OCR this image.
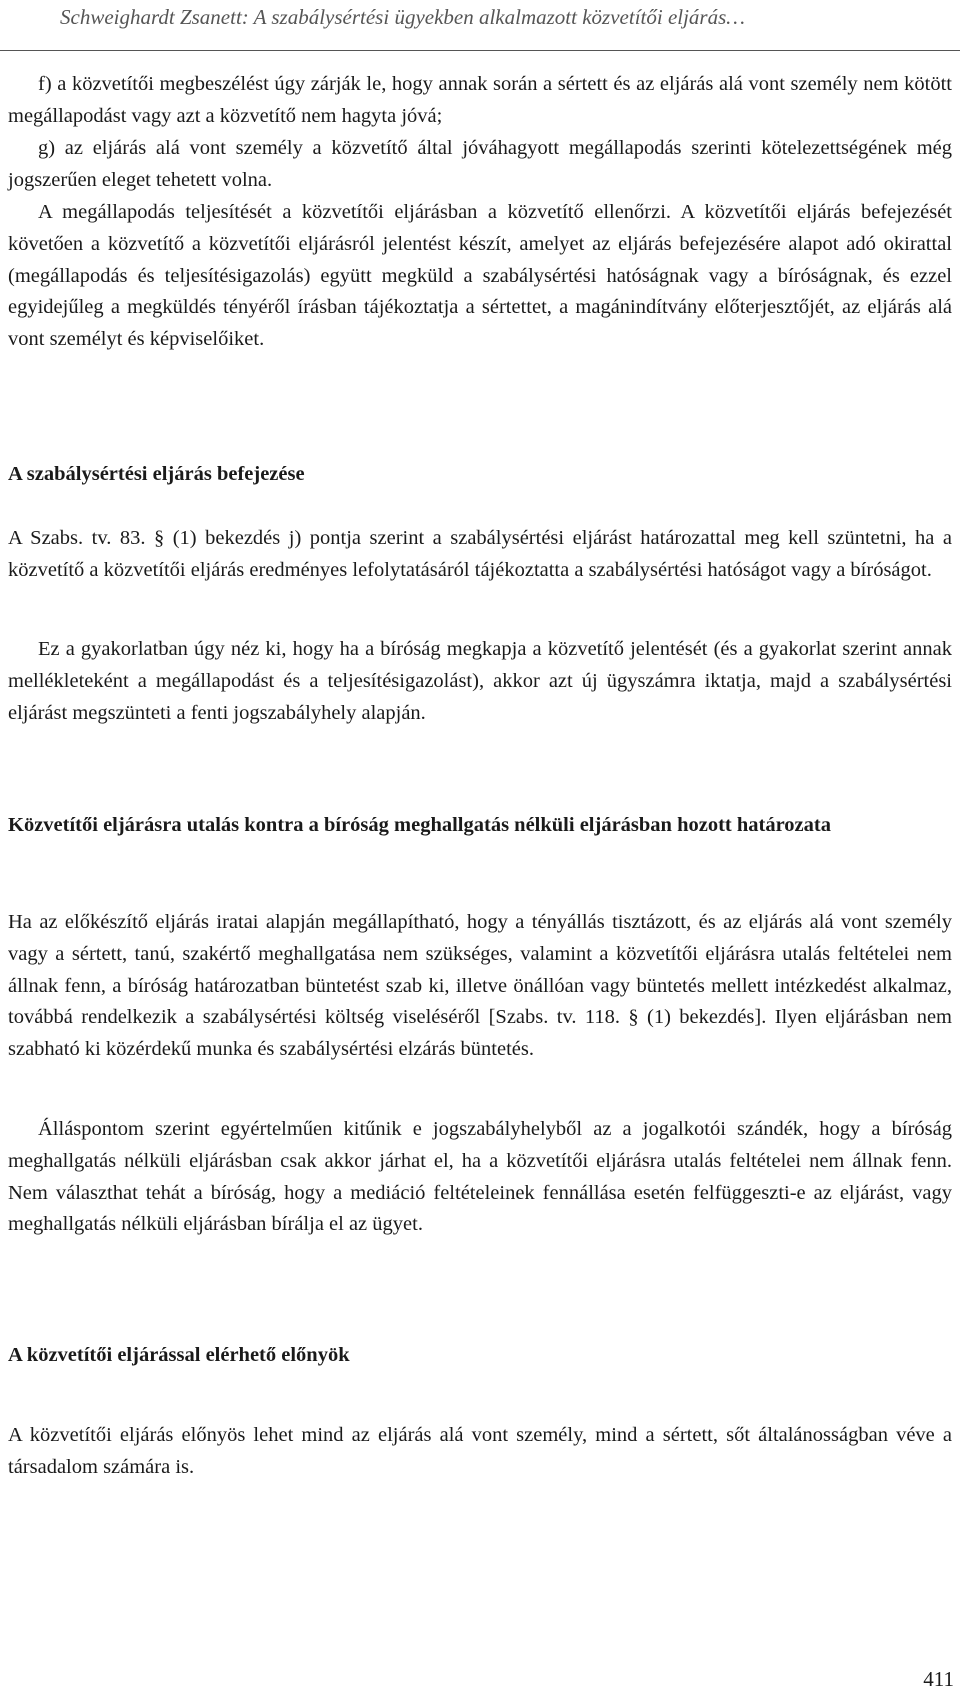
Schweighardt Zsanett: A szabálysértési ügyekben alkalmazott közvetítői eljárás…

f) a közvetítői megbeszélést úgy zárják le, hogy annak során a sértett és az eljárás alá vont személy nem kötött megállapodást vagy azt a közvetítő nem hagyta jóvá;

g) az eljárás alá vont személy a közvetítő által jóváhagyott megállapodás szerinti kötelezettségének még jogszerűen eleget tehetett volna.

A megállapodás teljesítését a közvetítői eljárásban a közvetítő ellenőrzi. A közvetítői eljárás befejezését követően a közvetítő a közvetítői eljárásról jelentést készít, amelyet az eljárás befejezésére alapot adó okirattal (megállapodás és teljesítésigazolás) együtt megküld a szabálysértési hatóságnak vagy a bíróságnak, és ezzel egyidejűleg a megküldés tényéről írásban tájékoztatja a sértettet, a magánindítvány előterjesztőjét, az eljárás alá vont személyt és képviselőiket.

A szabálysértési eljárás befejezése

A Szabs. tv. 83. § (1) bekezdés j) pontja szerint a szabálysértési eljárást határozattal meg kell szüntetni, ha a közvetítő a közvetítői eljárás eredményes lefolytatásáról tájékoztatta a szabálysértési hatóságot vagy a bíróságot.

Ez a gyakorlatban úgy néz ki, hogy ha a bíróság megkapja a közvetítő jelentését (és a gyakorlat szerint annak mellékleteként a megállapodást és a teljesítésigazolást), akkor azt új ügyszámra iktatja, majd a szabálysértési eljárást megszünteti a fenti jogszabályhely alapján.

Közvetítői eljárásra utalás kontra a bíróság meghallgatás nélküli eljárásban hozott határozata

Ha az előkészítő eljárás iratai alapján megállapítható, hogy a tényállás tisztázott, és az eljárás alá vont személy vagy a sértett, tanú, szakértő meghallgatása nem szükséges, valamint a közvetítői eljárásra utalás feltételei nem állnak fenn, a bíróság határozatban büntetést szab ki, illetve önállóan vagy büntetés mellett intézkedést alkalmaz, továbbá rendelkezik a szabálysértési költség viseléséről [Szabs. tv. 118. § (1) bekezdés]. Ilyen eljárásban nem szabható ki közérdekű munka és szabálysértési elzárás büntetés.

Álláspontom szerint egyértelműen kitűnik e jogszabályhelyből az a jogalkotói szándék, hogy a bíróság meghallgatás nélküli eljárásban csak akkor járhat el, ha a közvetítői eljárásra utalás feltételei nem állnak fenn. Nem választhat tehát a bíróság, hogy a mediáció feltételeinek fennállása esetén felfüggeszti-e az eljárást, vagy meghallgatás nélküli eljárásban bírálja el az ügyet.

A közvetítői eljárással elérhető előnyök

A közvetítői eljárás előnyös lehet mind az eljárás alá vont személy, mind a sértett, sőt általánosságban véve a társadalom számára is.

411
